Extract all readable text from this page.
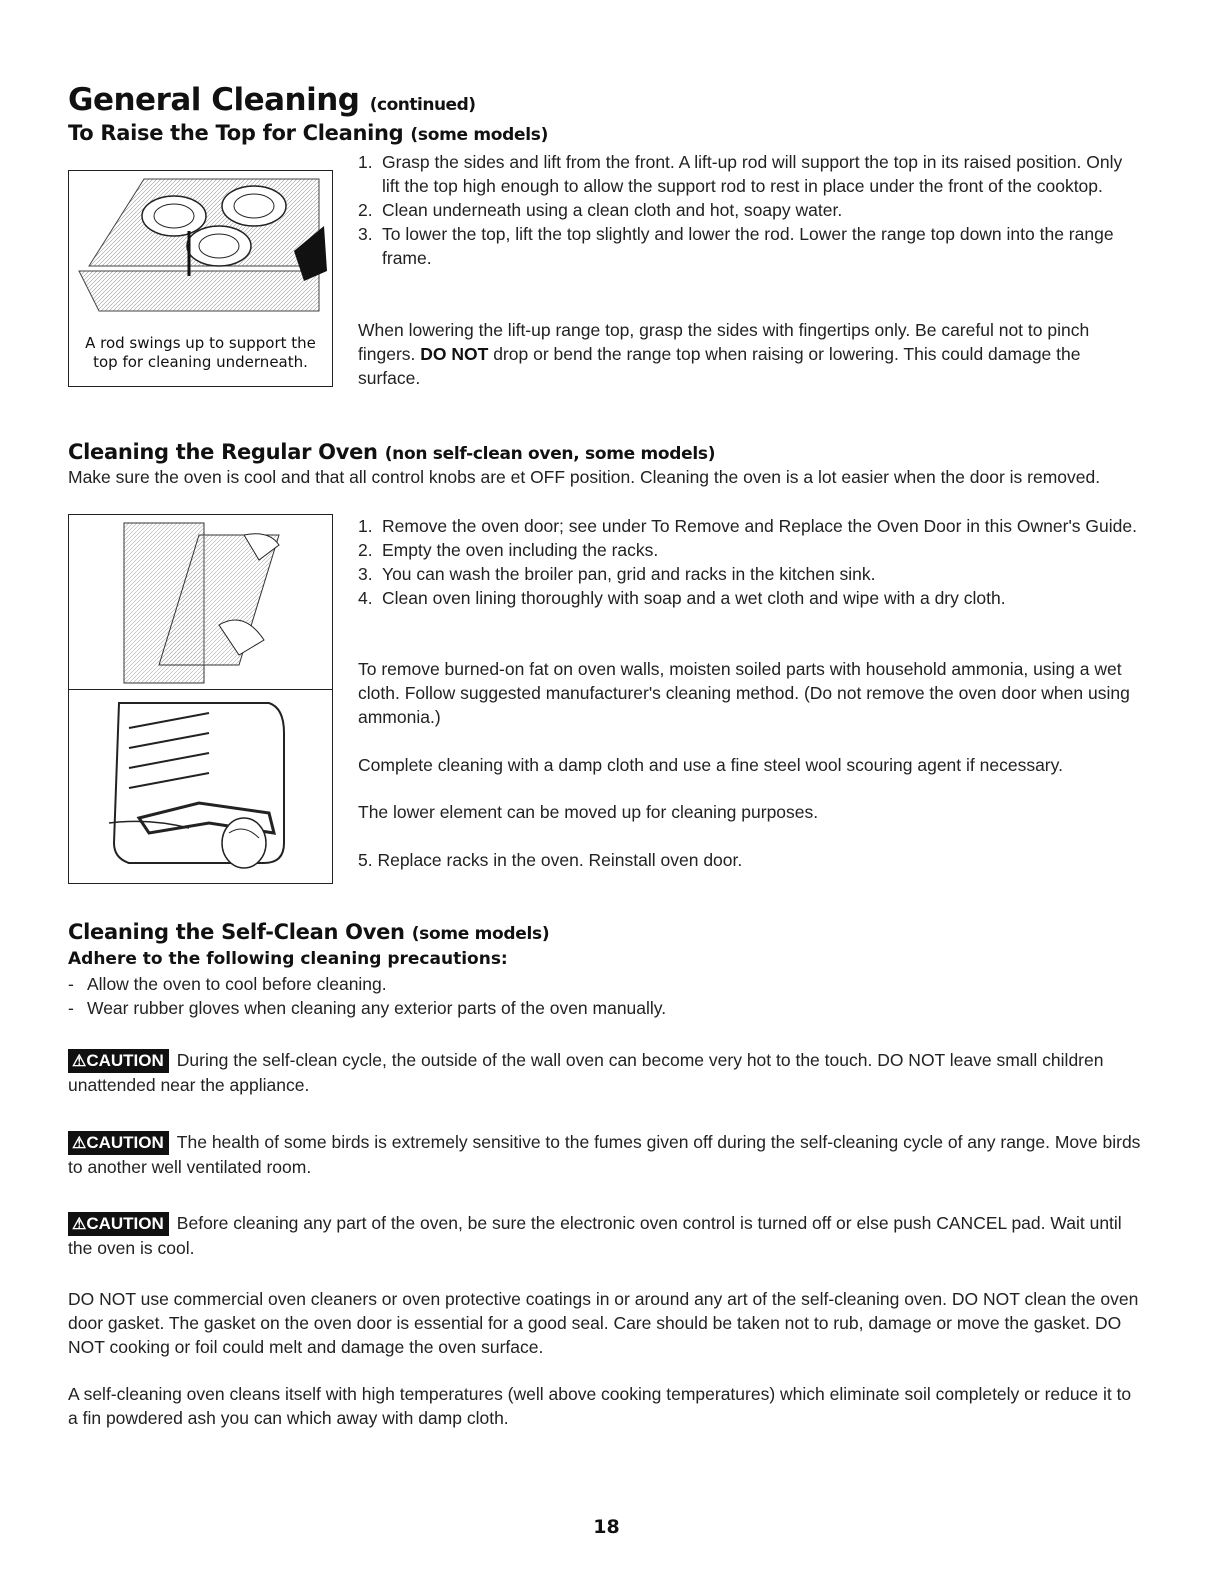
General Cleaning (continued)
To Raise the Top for Cleaning (some models)
A rod swings up to support the top for cleaning underneath.
1. Grasp the sides and lift from the front. A lift-up rod will support the top in its raised position. Only lift the top high enough to allow the support rod to rest in place under the front of the cooktop.
2. Clean underneath using a clean cloth and hot, soapy water.
3. To lower the top, lift the top slightly and lower the rod. Lower the range top down into the range frame.
When lowering the lift-up range top, grasp the sides with fingertips only. Be careful not to pinch fingers. DO NOT drop or bend the range top when raising or lowering. This could damage the surface.
Cleaning the Regular Oven (non self-clean oven, some models)
Make sure the oven is cool and that all control knobs are et OFF position. Cleaning the oven is a lot easier when the door is removed.
1. Remove the oven door; see under To Remove and Replace the Oven Door in this Owner's Guide.
2. Empty the oven including the racks.
3. You can wash the broiler pan, grid and racks in the kitchen sink.
4. Clean oven lining thoroughly with soap and a wet cloth and wipe with a dry cloth.
To remove burned-on fat on oven walls, moisten soiled parts with household ammonia, using a wet cloth. Follow suggested manufacturer's cleaning method. (Do not remove the oven door when using ammonia.)
Complete cleaning with a damp cloth and use a fine steel wool scouring agent if necessary.
The lower element can be moved up for cleaning purposes.
5. Replace racks in the oven. Reinstall oven door.
Cleaning the Self-Clean Oven (some models)
Adhere to the following cleaning precautions:
- Allow the oven to cool before cleaning.
- Wear rubber gloves when cleaning any exterior parts of the oven manually.
⚠CAUTION During the self-clean cycle, the outside of the wall oven can become very hot to the touch. DO NOT leave small children unattended near the appliance.
⚠CAUTION The health of some birds is extremely sensitive to the fumes given off during the self-cleaning cycle of any range. Move birds to another well ventilated room.
⚠CAUTION Before cleaning any part of the oven, be sure the electronic oven control is turned off or else push CANCEL pad. Wait until the oven is cool.
DO NOT use commercial oven cleaners or oven protective coatings in or around any art of the self-cleaning oven. DO NOT clean the oven door gasket. The gasket on the oven door is essential for a good seal. Care should be taken not to rub, damage or move the gasket. DO NOT cooking or foil could melt and damage the oven surface.
A self-cleaning oven cleans itself with high temperatures (well above cooking temperatures) which eliminate soil completely or reduce it to a fin powdered ash you can which away with damp cloth.
18
